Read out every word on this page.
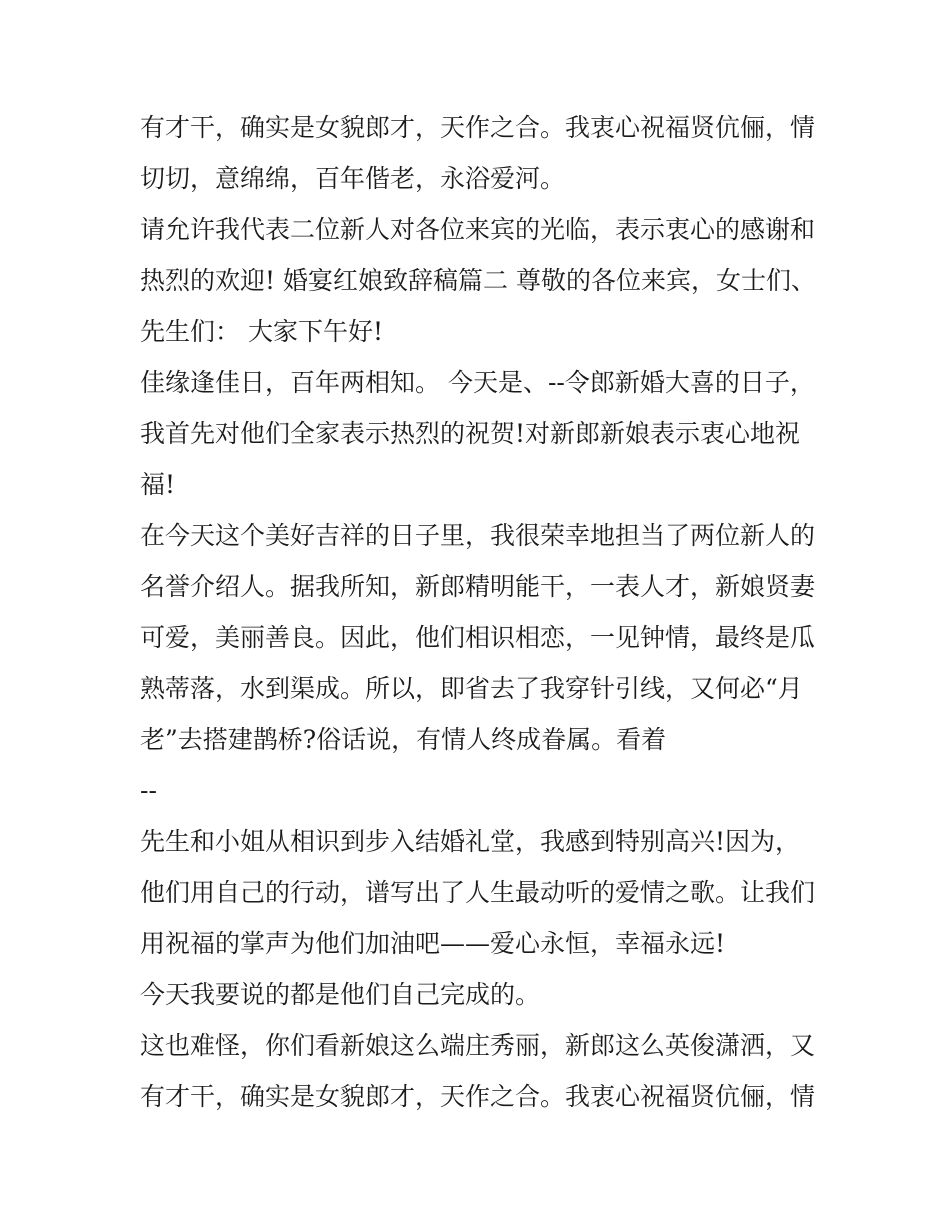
有才干，确实是女貌郎才，天作之合。我衷心祝福贤伉俪，情
切切，意绵绵，百年偕老，永浴爱河。
请允许我代表二位新人对各位来宾的光临，表示衷心的感谢和
热烈的欢迎! 婚宴红娘致辞稿篇二 尊敬的各位来宾，女士们、
先生们： 大家下午好!
佳缘逢佳日，百年两相知。 今天是、--令郎新婚大喜的日子，
我首先对他们全家表示热烈的祝贺!对新郎新娘表示衷心地祝
福!
在今天这个美好吉祥的日子里，我很荣幸地担当了两位新人的
名誉介绍人。据我所知，新郎精明能干，一表人才，新娘贤妻
可爱，美丽善良。因此，他们相识相恋，一见钟情，最终是瓜
熟蒂落，水到渠成。所以，即省去了我穿针引线，又何必“月
老”去搭建鹊桥?俗话说，有情人终成眷属。看着
--
先生和小姐从相识到步入结婚礼堂，我感到特别高兴!因为，
他们用自己的行动，谱写出了人生最动听的爱情之歌。让我们
用祝福的掌声为他们加油吧——爱心永恒，幸福永远!
今天我要说的都是他们自己完成的。
这也难怪，你们看新娘这么端庄秀丽，新郎这么英俊潇洒，又
有才干，确实是女貌郎才，天作之合。我衷心祝福贤伉俪，情
